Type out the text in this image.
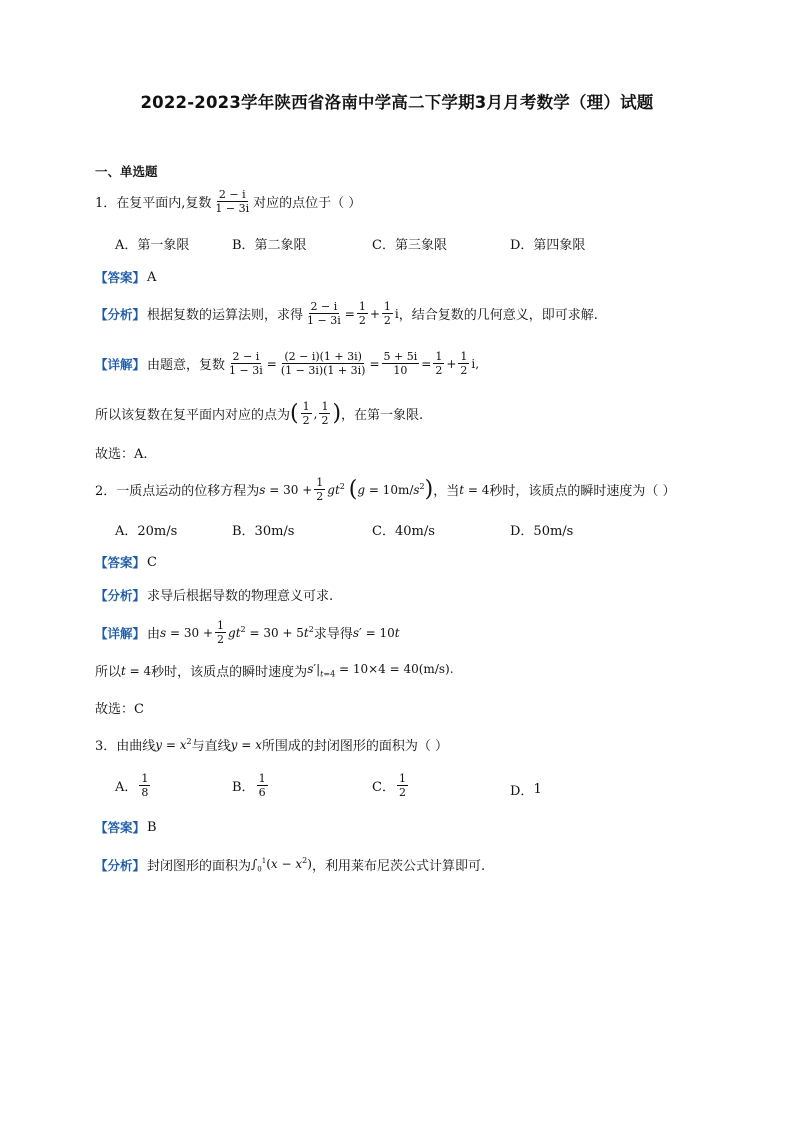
2022-2023学年陕西省洛南中学高二下学期3月月考数学（理）试题
一、单选题
1．在复平面内,复数 $\frac{2 - i}{1 - 3i}$ 对应的点位于（ ）
A．第一象限	B．第二象限	C．第三象限	D．第四象限
【答案】 A
【分析】 根据复数的运算法则，求得 $\frac{2 - i}{1 - 3i} = \frac{1}{2} + \frac{1}{2}$ i ，结合复数的几何意义，即可求解.
【详解】 由题意，复数 $\frac{2 - i}{1 - 3i} = \frac{(2 - i)(1 + 3i)}{(1 - 3i)(1 + 3i)} = \frac{5 + 5i}{10} = \frac{1}{2} + \frac{1}{2} i$,
所以该复数在复平面内对应的点为 ( $\frac{1}{2}$ , $\frac{1}{2}$ ) ，在第一象限.
故选：A.
2．一质点运动的位移方程为 $s = 30 + \frac{1}{2} gt^2$ ( $g = 10m/s^2$ ) ，当 t = 4 秒时，该质点的瞬时速度为（ ）
A．20m/s	B．30m/s	C．40m/s	D．50m/s
【答案】 C
【分析】 求导后根据导数的物理意义可求.
【详解】 由 $s = 30 + \frac{1}{2} gt^2 = 30 + 5t^2$ 求导得 s′ = 10t
所以 t = 4 秒时，该质点的瞬时速度为 $s'|_{t=4} = 10\times 4 = 40(m/s)$.
故选：C
3．由曲线 $y = x^2$ 与直线 y = x 所围成的封闭图形的面积为（ ）
A． $\frac{1}{8}$	B． $\frac{1}{6}$	C． $\frac{1}{2}$	D． 1
【答案】 B
【分析】 封闭图形的面积为 $\int_0^1(x - x^2)$ ，利用莱布尼茨公式计算即可.
